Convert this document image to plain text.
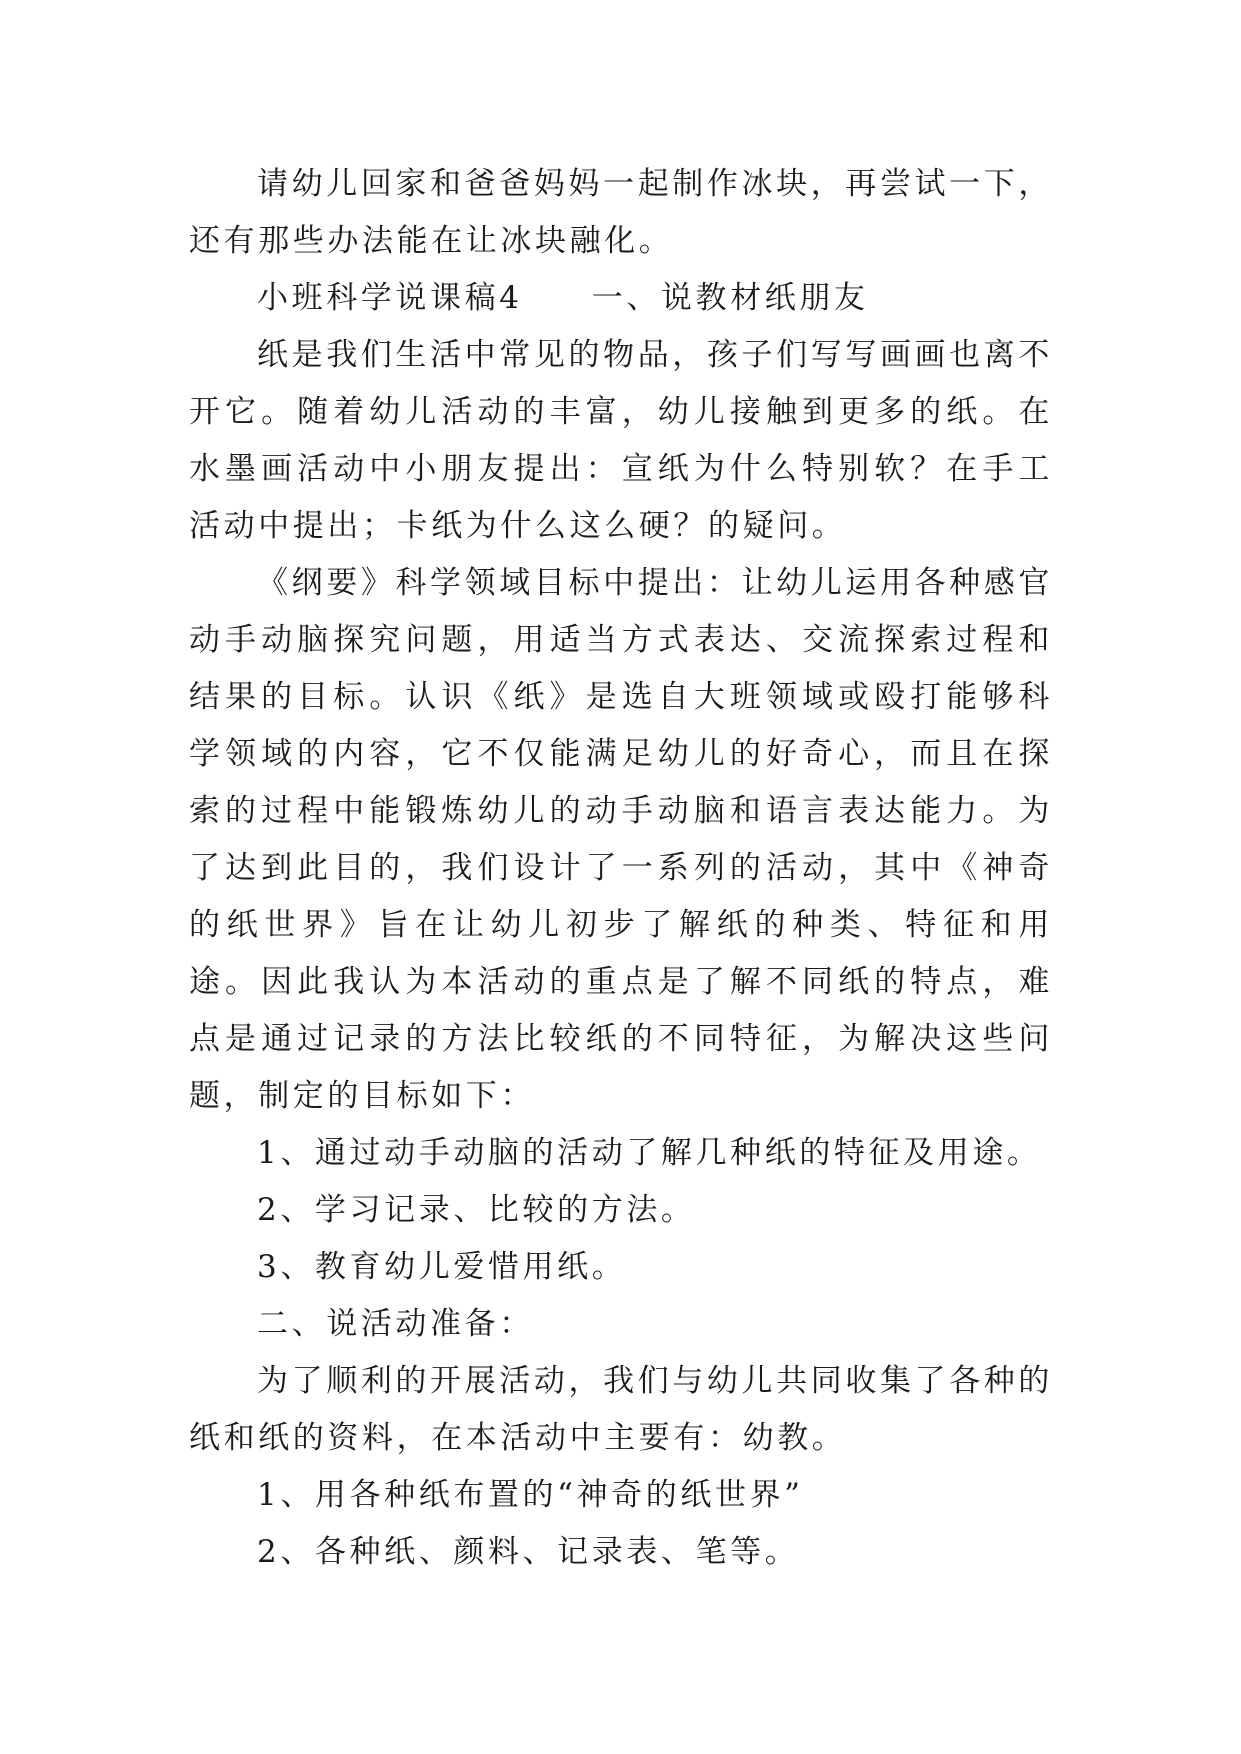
请幼儿回家和爸爸妈妈一起制作冰块，再尝试一下，还有那些办法能在让冰块融化。

小班科学说课稿4　　一、说教材纸朋友

纸是我们生活中常见的物品，孩子们写写画画也离不开它。随着幼儿活动的丰富，幼儿接触到更多的纸。在水墨画活动中小朋友提出：宣纸为什么特别软？在手工活动中提出；卡纸为什么这么硬？的疑问。

《纲要》科学领域目标中提出：让幼儿运用各种感官动手动脑探究问题，用适当方式表达、交流探索过程和结果的目标。认识《纸》是选自大班领域或殴打能够科学领域的内容，它不仅能满足幼儿的好奇心，而且在探索的过程中能锻炼幼儿的动手动脑和语言表达能力。为了达到此目的，我们设计了一系列的活动，其中《神奇的纸世界》旨在让幼儿初步了解纸的种类、特征和用途。因此我认为本活动的重点是了解不同纸的特点，难点是通过记录的方法比较纸的不同特征，为解决这些问题，制定的目标如下：

1、通过动手动脑的活动了解几种纸的特征及用途。

2、学习记录、比较的方法。

3、教育幼儿爱惜用纸。

二、说活动准备：

为了顺利的开展活动，我们与幼儿共同收集了各种的纸和纸的资料，在本活动中主要有：幼教。

1、用各种纸布置的“神奇的纸世界”

2、各种纸、颜料、记录表、笔等。
